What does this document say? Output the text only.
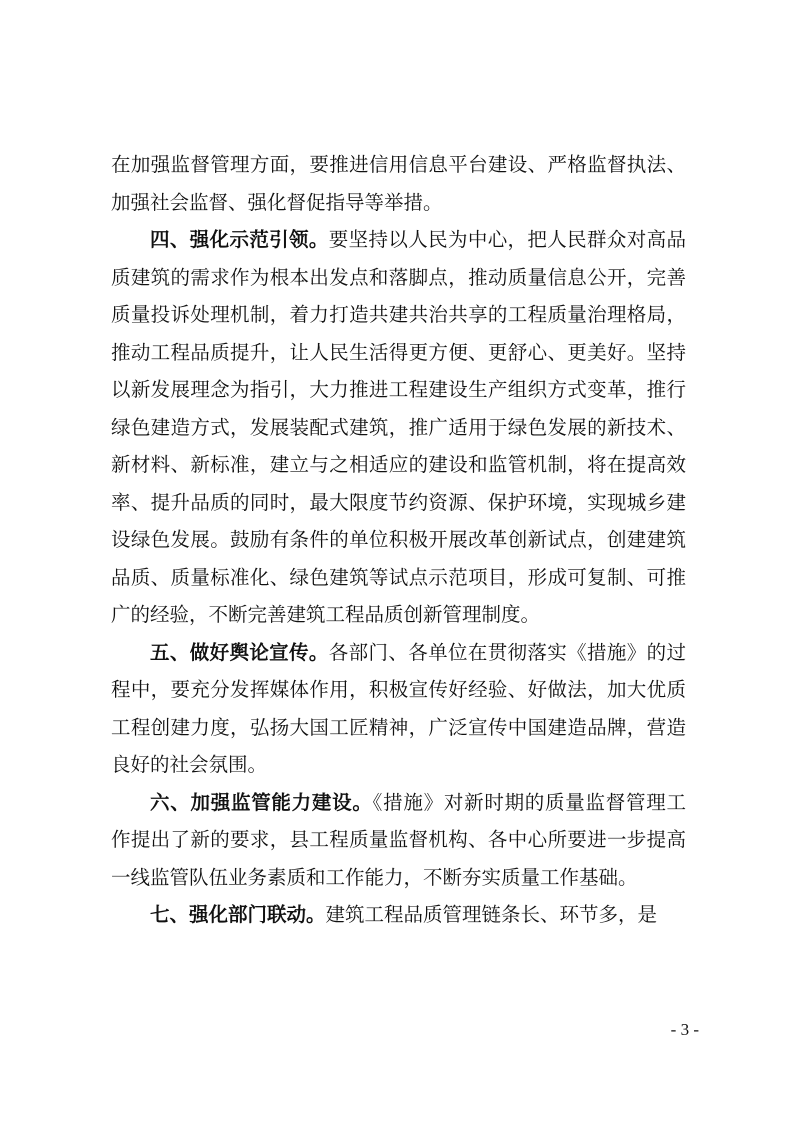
在加强监督管理方面，要推进信用信息平台建设、严格监督执法、加强社会监督、强化督促指导等举措。

四、强化示范引领。要坚持以人民为中心，把人民群众对高品质建筑的需求作为根本出发点和落脚点，推动质量信息公开，完善质量投诉处理机制，着力打造共建共治共享的工程质量治理格局，推动工程品质提升，让人民生活得更方便、更舒心、更美好。坚持以新发展理念为指引，大力推进工程建设生产组织方式变革，推行绿色建造方式，发展装配式建筑，推广适用于绿色发展的新技术、新材料、新标准，建立与之相适应的建设和监管机制，将在提高效率、提升品质的同时，最大限度节约资源、保护环境，实现城乡建设绿色发展。鼓励有条件的单位积极开展改革创新试点，创建建筑品质、质量标准化、绿色建筑等试点示范项目，形成可复制、可推广的经验，不断完善建筑工程品质创新管理制度。

五、做好舆论宣传。各部门、各单位在贯彻落实《措施》的过程中，要充分发挥媒体作用，积极宣传好经验、好做法，加大优质工程创建力度，弘扬大国工匠精神，广泛宣传中国建造品牌，营造良好的社会氛围。

六、加强监管能力建设。《措施》对新时期的质量监督管理工作提出了新的要求，县工程质量监督机构、各中心所要进一步提高一线监管队伍业务素质和工作能力，不断夯实质量工作基础。

七、强化部门联动。建筑工程品质管理链条长、环节多，是

- 3 -
